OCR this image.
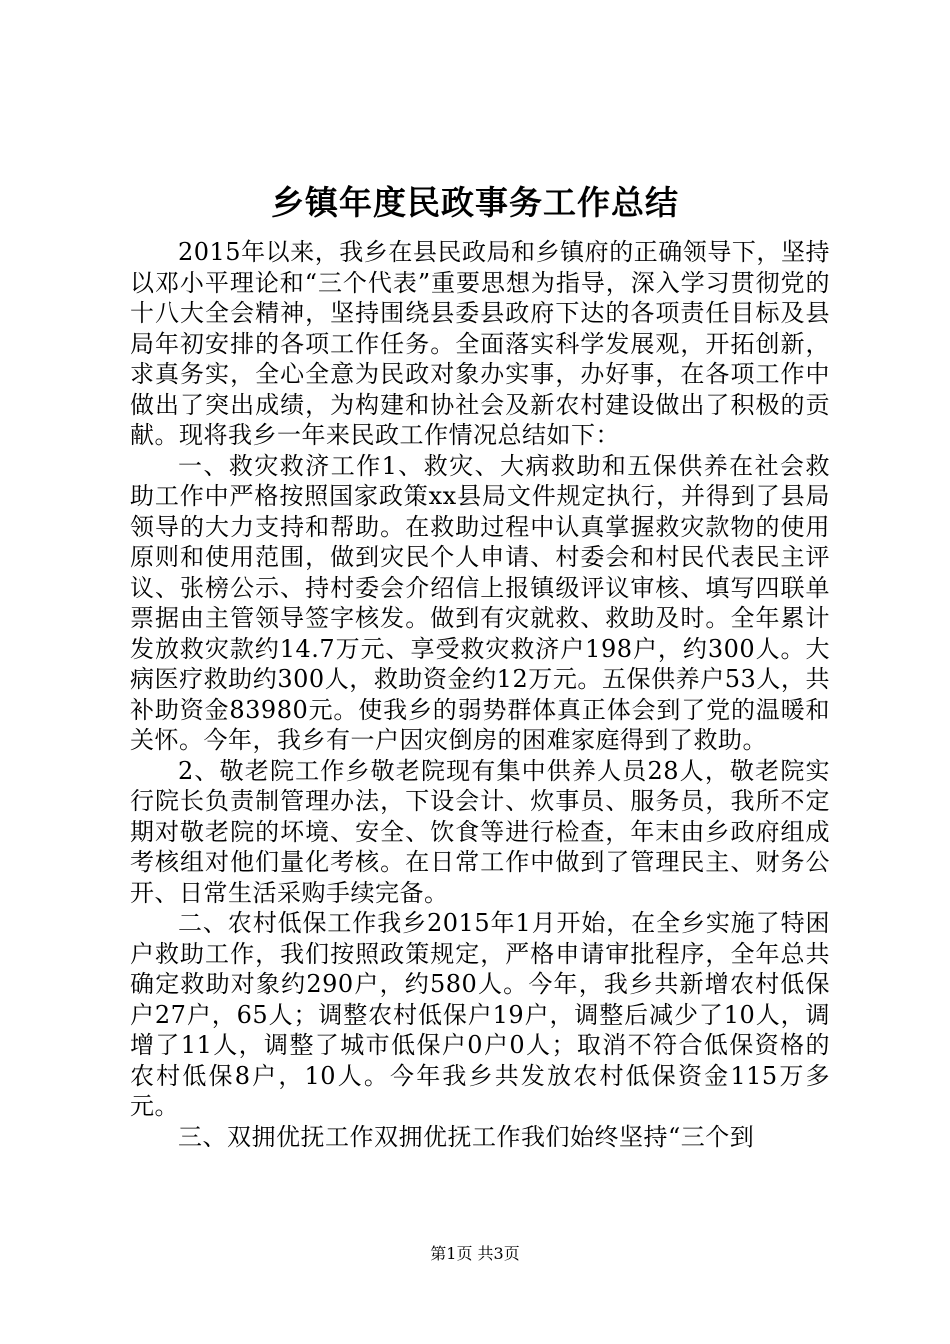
乡镇年度民政事务工作总结

2015年以来，我乡在县民政局和乡镇府的正确领导下，坚持以邓小平理论和“三个代表”重要思想为指导，深入学习贯彻党的十八大全会精神，坚持围绕县委县政府下达的各项责任目标及县局年初安排的各项工作任务。全面落实科学发展观，开拓创新，求真务实，全心全意为民政对象办实事，办好事，在各项工作中做出了突出成绩，为构建和协社会及新农村建设做出了积极的贡献。现将我乡一年来民政工作情况总结如下：

一、救灾救济工作1、救灾、大病救助和五保供养在社会救助工作中严格按照国家政策xx县局文件规定执行，并得到了县局领导的大力支持和帮助。在救助过程中认真掌握救灾款物的使用原则和使用范围，做到灾民个人申请、村委会和村民代表民主评议、张榜公示、持村委会介绍信上报镇级评议审核、填写四联单票据由主管领导签字核发。做到有灾就救、救助及时。全年累计发放救灾款约14.7万元、享受救灾救济户198户，约300人。大病医疗救助约300人，救助资金约12万元。五保供养户53人，共补助资金83980元。使我乡的弱势群体真正体会到了党的温暖和关怀。今年，我乡有一户因灾倒房的困难家庭得到了救助。

2、敬老院工作乡敬老院现有集中供养人员28人，敬老院实行院长负责制管理办法，下设会计、炊事员、服务员，我所不定期对敬老院的坏境、安全、饮食等进行检查，年末由乡政府组成考核组对他们量化考核。在日常工作中做到了管理民主、财务公开、日常生活采购手续完备。

二、农村低保工作我乡2015年1月开始，在全乡实施了特困户救助工作，我们按照政策规定，严格申请审批程序，全年总共确定救助对象约290户，约580人。今年，我乡共新增农村低保户27户，65人；调整农村低保户19户，调整后减少了10人，调增了11人，调整了城市低保户0户0人；取消不符合低保资格的农村低保8户，10人。今年我乡共发放农村低保资金115万多元。

三、双拥优抚工作双拥优抚工作我们始终坚持“三个到

第1页 共3页
